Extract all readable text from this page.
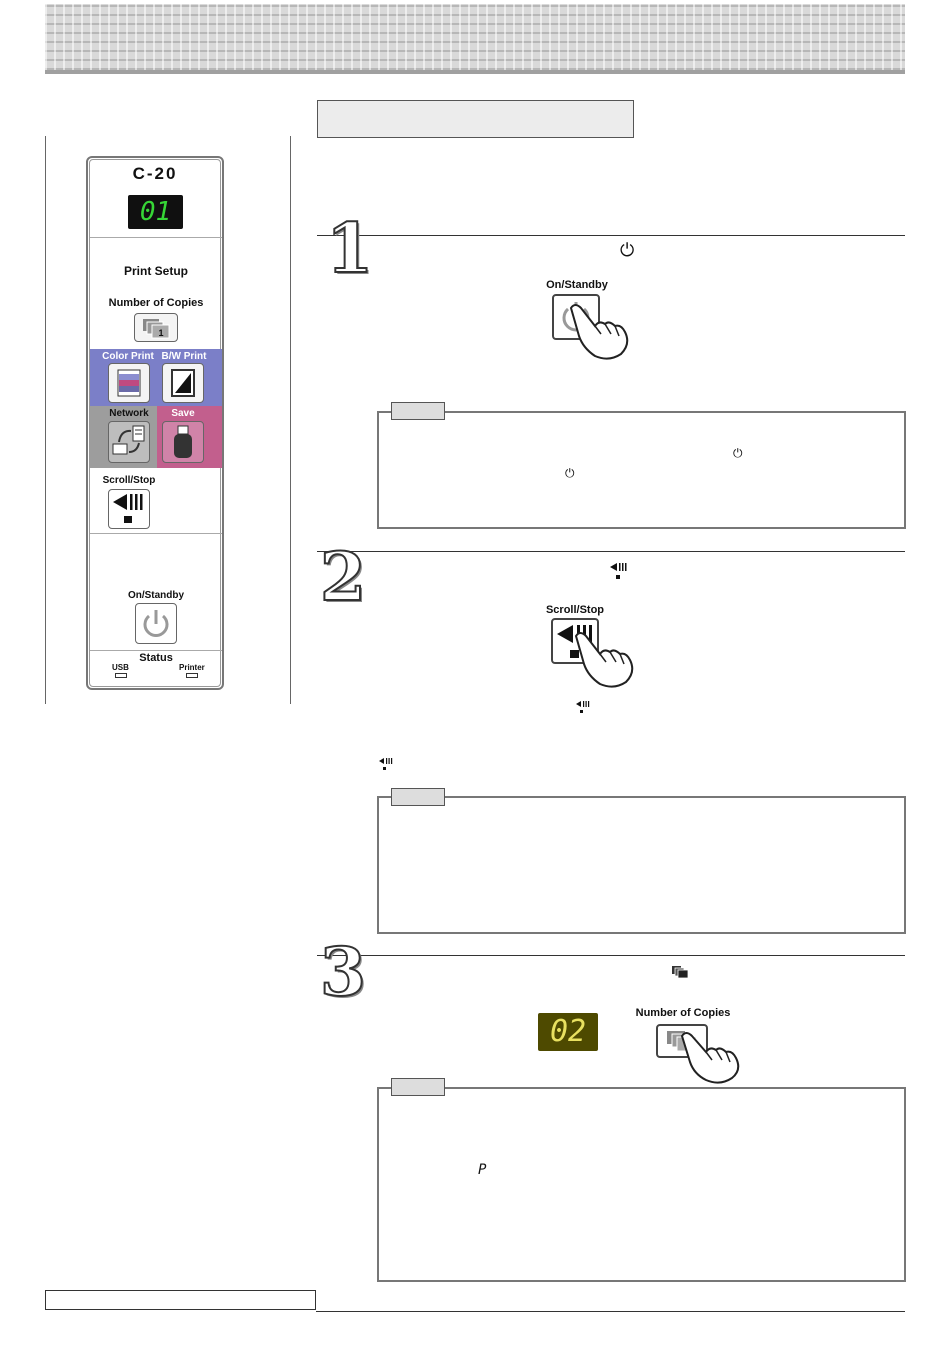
C-20
01
Print Setup
Number of Copies
1
Color Print B/W Print
Network	Save
Scroll/Stop
On/Standby
Status
USB	Printer
1	⏻
On/Standby
⏻
⏻
2	Scroll/Stop
3
02
Number of Copies
P
